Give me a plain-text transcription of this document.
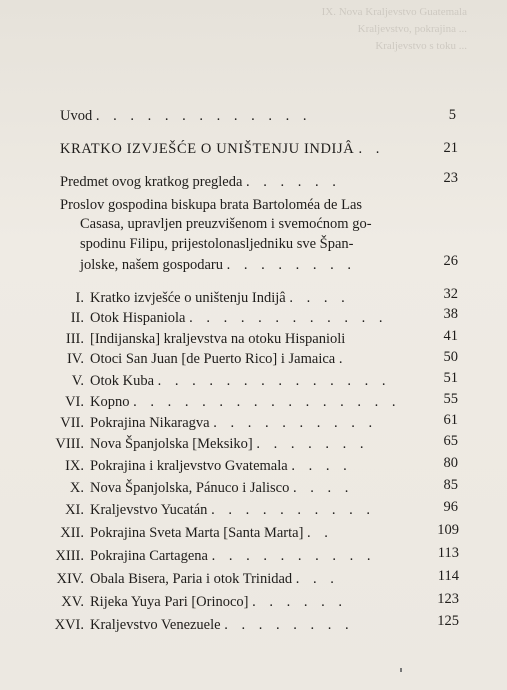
IX. Nova Kraljevstvo Guatemala
Kraljevstvo, pokrajina ...
Kraljevstvo s toku ...
Uvod . . . . . . . . . . . . .	5
KRATKO IZVJEŠĆE O UNIŠTENJU INDIJÂ . .	21
Predmet ovog kratkog pregleda . . . . . .	23
Proslov gospodina biskupa brata Bartoloméa de Las
Casasa, upravljen preuzvišenom i svemoćnom go-
spodinu Filipu, prijestolonasljedniku sve Špan-
jolske, našem gospodaru . . . . . . . .	26
I. Kratko izvješće o uništenju Indijâ . . . .	32
II. Otok Hispaniola . . . . . . . . . . . .	38
III. [Indijanska] kraljevstva na otoku Hispanioli	41
IV. Otoci San Juan [de Puerto Rico] i Jamaica .	50
V. Otok Kuba . . . . . . . . . . . . . .	51
VI. Kopno . . . . . . . . . . . . . . . .	55
VII. Pokrajina Nikaragva . . . . . . . . . .	61
VIII. Nova Španjolska [Meksiko] . . . . . . .	65
IX. Pokrajina i kraljevstvo Gvatemala . . . .	80
X. Nova Španjolska, Pánuco i Jalisco . . . .	85
XI. Kraljevstvo Yucatán . . . . . . . . . .	96
XII. Pokrajina Sveta Marta [Santa Marta] . .	109
XIII. Pokrajina Cartagena . . . . . . . . . .	113
XIV. Obala Bisera, Paria i otok Trinidad . . .	114
XV. Rijeka Yuya Pari [Orinoco] . . . . . .	123
XVI. Kraljevstvo Venezuele . . . . . . . .	125
